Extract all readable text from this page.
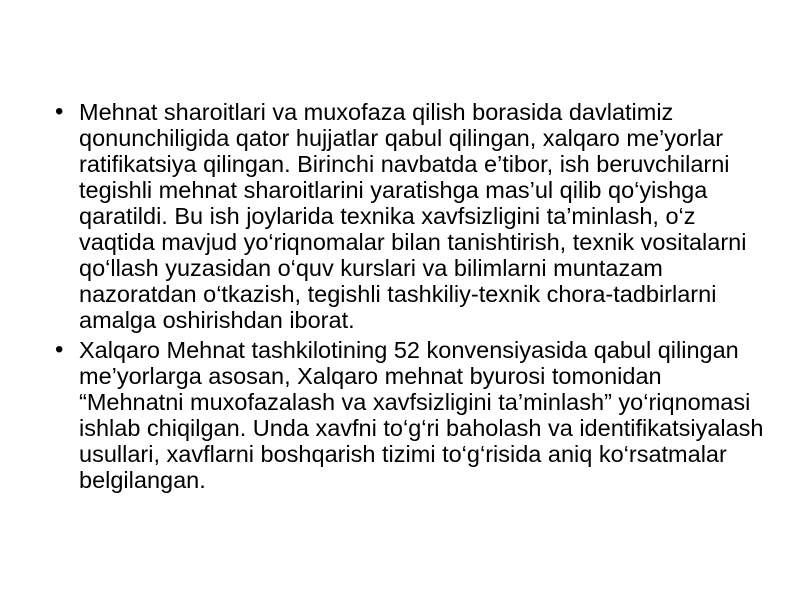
• Mehnat sharoitlari va muxofaza qilish borasida davlatimiz qonunchiligida qator hujjatlar qabul qilingan, xalqaro me’yorlar ratifikatsiya qilingan. Birinchi navbatda e’tibor, ish beruvchilarni tegishli mehnat sharoitlarini yaratishga mas’ul qilib qo‘yishga qaratildi. Bu ish joylarida texnika xavfsizligini ta’minlash, o‘z vaqtida mavjud yo‘riqnomalar bilan tanishtirish, texnik vositalarni qo‘llash yuzasidan o‘quv kurslari va bilimlarni muntazam nazoratdan o‘tkazish, tegishli tashkiliy-texnik chora-tadbirlarni amalga oshirishdan iborat.
• Xalqaro Mehnat tashkilotining 52 konvensiyasida qabul qilingan me’yorlarga asosan, Xalqaro mehnat byurosi tomonidan “Mehnatni muxofazalash va xavfsizligini ta’minlash” yo‘riqnomasi ishlab chiqilgan. Unda xavfni to‘g‘ri baholash va identifikatsiyalash usullari, xavflarni boshqarish tizimi to‘g‘risida aniq ko‘rsatmalar belgilangan.
